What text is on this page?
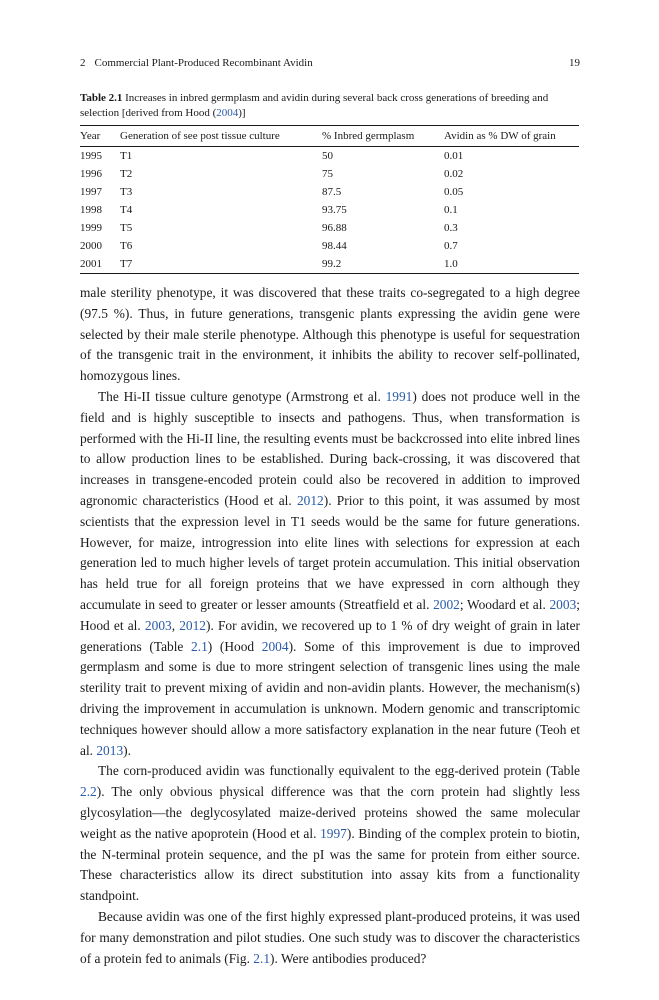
2 Commercial Plant-Produced Recombinant Avidin	19
Table 2.1 Increases in inbred germplasm and avidin during several back cross generations of breeding and selection [derived from Hood (2004)]
Year	Generation of see post tissue culture	% Inbred germplasm	Avidin as % DW of grain
1995	T1	50	0.01
1996	T2	75	0.02
1997	T3	87.5	0.05
1998	T4	93.75	0.1
1999	T5	96.88	0.3
2000	T6	98.44	0.7
2001	T7	99.2	1.0

male sterility phenotype, it was discovered that these traits co-segregated to a high degree (97.5 %). Thus, in future generations, transgenic plants expressing the avidin gene were selected by their male sterile phenotype. Although this phenotype is useful for sequestration of the transgenic trait in the environment, it inhibits the ability to recover self-pollinated, homozygous lines.

The Hi-II tissue culture genotype (Armstrong et al. 1991) does not produce well in the field and is highly susceptible to insects and pathogens. Thus, when transformation is performed with the Hi-II line, the resulting events must be backcrossed into elite inbred lines to allow production lines to be established. During back-crossing, it was discovered that increases in transgene-encoded protein could also be recovered in addition to improved agronomic characteristics (Hood et al. 2012). Prior to this point, it was assumed by most scientists that the expression level in T1 seeds would be the same for future generations. However, for maize, introgression into elite lines with selections for expression at each generation led to much higher levels of target protein accumulation. This initial observation has held true for all foreign proteins that we have expressed in corn although they accumulate in seed to greater or lesser amounts (Streatfield et al. 2002; Woodard et al. 2003; Hood et al. 2003, 2012). For avidin, we recovered up to 1 % of dry weight of grain in later generations (Table 2.1) (Hood 2004). Some of this improvement is due to improved germplasm and some is due to more stringent selection of transgenic lines using the male sterility trait to prevent mixing of avidin and non-avidin plants. However, the mechanism(s) driving the improvement in accumulation is unknown. Modern genomic and transcriptomic techniques however should allow a more satisfactory explanation in the near future (Teoh et al. 2013).

The corn-produced avidin was functionally equivalent to the egg-derived protein (Table 2.2). The only obvious physical difference was that the corn protein had slightly less glycosylation—the deglycosylated maize-derived proteins showed the same molecular weight as the native apoprotein (Hood et al. 1997). Binding of the complex protein to biotin, the N-terminal protein sequence, and the pI was the same for protein from either source. These characteristics allow its direct substitution into assay kits from a functionality standpoint.

Because avidin was one of the first highly expressed plant-produced proteins, it was used for many demonstration and pilot studies. One such study was to discover the characteristics of a protein fed to animals (Fig. 2.1). Were antibodies produced?
